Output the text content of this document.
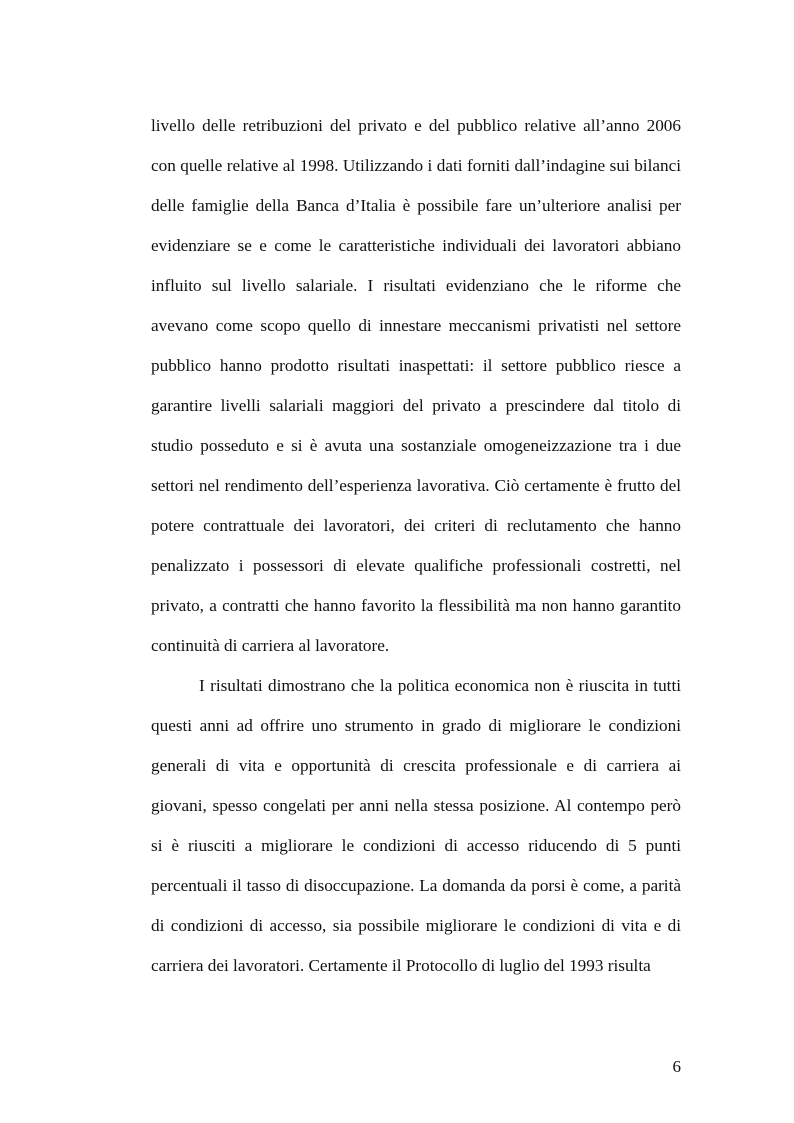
livello delle retribuzioni del privato e del pubblico relative all’anno 2006 con quelle relative al 1998. Utilizzando i dati forniti dall’indagine sui bilanci delle famiglie della Banca d’Italia è possibile fare un’ulteriore analisi per evidenziare se e come le caratteristiche individuali dei lavoratori abbiano influito sul livello salariale. I risultati evidenziano che le riforme che avevano come scopo quello di innestare meccanismi privatisti nel settore pubblico hanno prodotto risultati inaspettati: il settore pubblico riesce a garantire livelli salariali maggiori del privato a prescindere dal titolo di studio posseduto e si è avuta una sostanziale omogeneizzazione tra i due settori nel rendimento dell’esperienza lavorativa. Ciò certamente è frutto del potere contrattuale dei lavoratori, dei criteri di reclutamento che hanno penalizzato i possessori di elevate qualifiche professionali costretti, nel privato, a contratti che hanno favorito la flessibilità ma non hanno garantito continuità di carriera al lavoratore.

I risultati dimostrano che la politica economica non è riuscita in tutti questi anni ad offrire uno strumento in grado di migliorare le condizioni generali di vita e opportunità di crescita professionale e di carriera ai giovani, spesso congelati per anni nella stessa posizione. Al contempo però si è riusciti a migliorare le condizioni di accesso riducendo di 5 punti percentuali il tasso di disoccupazione. La domanda da porsi è come, a parità di condizioni di accesso, sia possibile migliorare le condizioni di vita e di carriera dei lavoratori. Certamente il Protocollo di luglio del 1993 risulta

6
